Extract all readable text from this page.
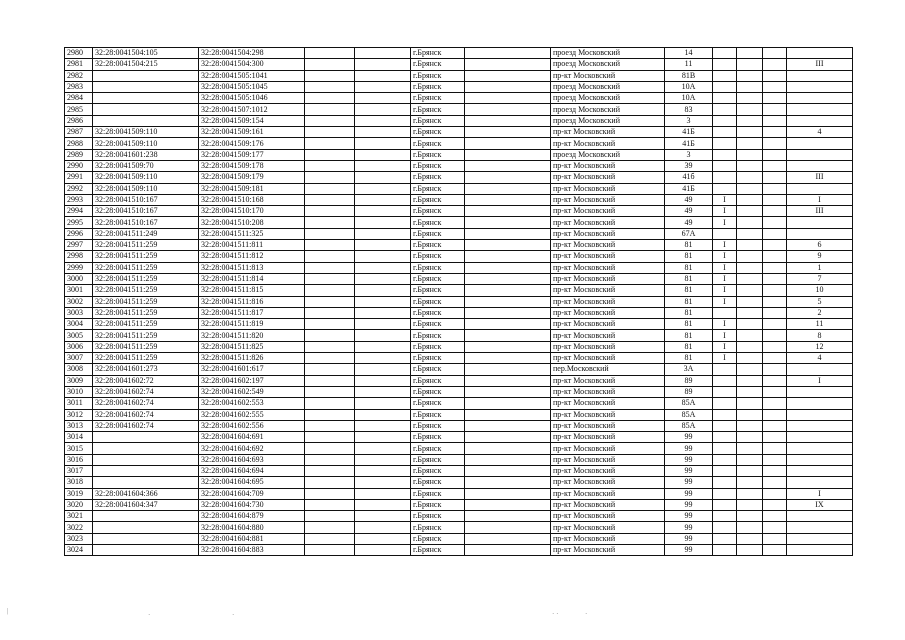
2980	32:28:0041504:105	32:28:0041504:298			г.Брянск		проезд Московский	14				
2981	32:28:0041504:215	32:28:0041504:300			г.Брянск		проезд Московский	11				III
2982		32:28:0041505:1041			г.Брянск		пр-кт Московский	81В				
2983		32:28:0041505:1045			г.Брянск		проезд Московский	10А				
2984		32:28:0041505:1046			г.Брянск		проезд Московский	10А				
2985		32:28:0041507:1012			г.Брянск		проезд Московский	83				
2986		32:28:0041509:154			г.Брянск		проезд Московский	3				
2987	32:28:0041509:110	32:28:0041509:161			г.Брянск		пр-кт Московский	41Б				4
2988	32:28:0041509:110	32:28:0041509:176			г.Брянск		пр-кт Московский	41Б				
2989	32:28:0041601:238	32:28:0041509:177			г.Брянск		проезд Московский	3				
2990	32:28:0041509:70	32:28:0041509:178			г.Брянск		пр-кт Московский	39				
2991	32:28:0041509:110	32:28:0041509:179			г.Брянск		пр-кт Московский	41б				III
2992	32:28:0041509:110	32:28:0041509:181			г.Брянск		пр-кт Московский	41Б				
2993	32:28:0041510:167	32:28:0041510:168			г.Брянск		пр-кт Московский	49	I			I
2994	32:28:0041510:167	32:28:0041510:170			г.Брянск		пр-кт Московский	49	I			III
2995	32:28:0041510:167	32:28:0041510:208			г.Брянск		пр-кт Московский	49	I			
2996	32:28:0041511:249	32:28:0041511:325			г.Брянск		пр-кт Московский	67А				
2997	32:28:0041511:259	32:28:0041511:811			г.Брянск		пр-кт Московский	81	I			6
2998	32:28:0041511:259	32:28:0041511:812			г.Брянск		пр-кт Московский	81	I			9
2999	32:28:0041511:259	32:28:0041511:813			г.Брянск		пр-кт Московский	81	I			1
3000	32:28:0041511:259	32:28:0041511:814			г.Брянск		пр-кт Московский	81	I			7
3001	32:28:0041511:259	32:28:0041511:815			г.Брянск		пр-кт Московский	81	I			10
3002	32:28:0041511:259	32:28:0041511:816			г.Брянск		пр-кт Московский	81	I			5
3003	32:28:0041511:259	32:28:0041511:817			г.Брянск		пр-кт Московский	81				2
3004	32:28:0041511:259	32:28:0041511:819			г.Брянск		пр-кт Московский	81	I			11
3005	32:28:0041511:259	32:28:0041511:820			г.Брянск		пр-кт Московский	81	I			8
3006	32:28:0041511:259	32:28:0041511:825			г.Брянск		пр-кт Московский	81	I			12
3007	32:28:0041511:259	32:28:0041511:826			г.Брянск		пр-кт Московский	81	I			4
3008	32:28:0041601:273	32:28:0041601:617			г.Брянск		пер.Московский	3А				
3009	32:28:0041602:72	32:28:0041602:197			г.Брянск		пр-кт Московский	89				I
3010	32:28:0041602:74	32:28:0041602:549			г.Брянск		пр-кт Московский	89				
3011	32:28:0041602:74	32:28:0041602:553			г.Брянск		пр-кт Московский	85А				
3012	32:28:0041602:74	32:28:0041602:555			г.Брянск		пр-кт Московский	85А				
3013	32:28:0041602:74	32:28:0041602:556			г.Брянск		пр-кт Московский	85А				
3014		32:28:0041604:691			г.Брянск		пр-кт Московский	99				
3015		32:28:0041604:692			г.Брянск		пр-кт Московский	99				
3016		32:28:0041604:693			г.Брянск		пр-кт Московский	99				
3017		32:28:0041604:694			г.Брянск		пр-кт Московский	99				
3018		32:28:0041604:695			г.Брянск		пр-кт Московский	99				
3019	32:28:0041604:366	32:28:0041604:709			г.Брянск		пр-кт Московский	99				I
3020	32:28:0041604:347	32:28:0041604:730			г.Брянск		пр-кт Московский	99				IX
3021		32:28:0041604:879			г.Брянск		пр-кт Московский	99				
3022		32:28:0041604:880			г.Брянск		пр-кт Московский	99				
3023		32:28:0041604:881			г.Брянск		пр-кт Московский	99				
3024		32:28:0041604:883			г.Брянск		пр-кт Московский	99				
|	·	·	· ·	·
